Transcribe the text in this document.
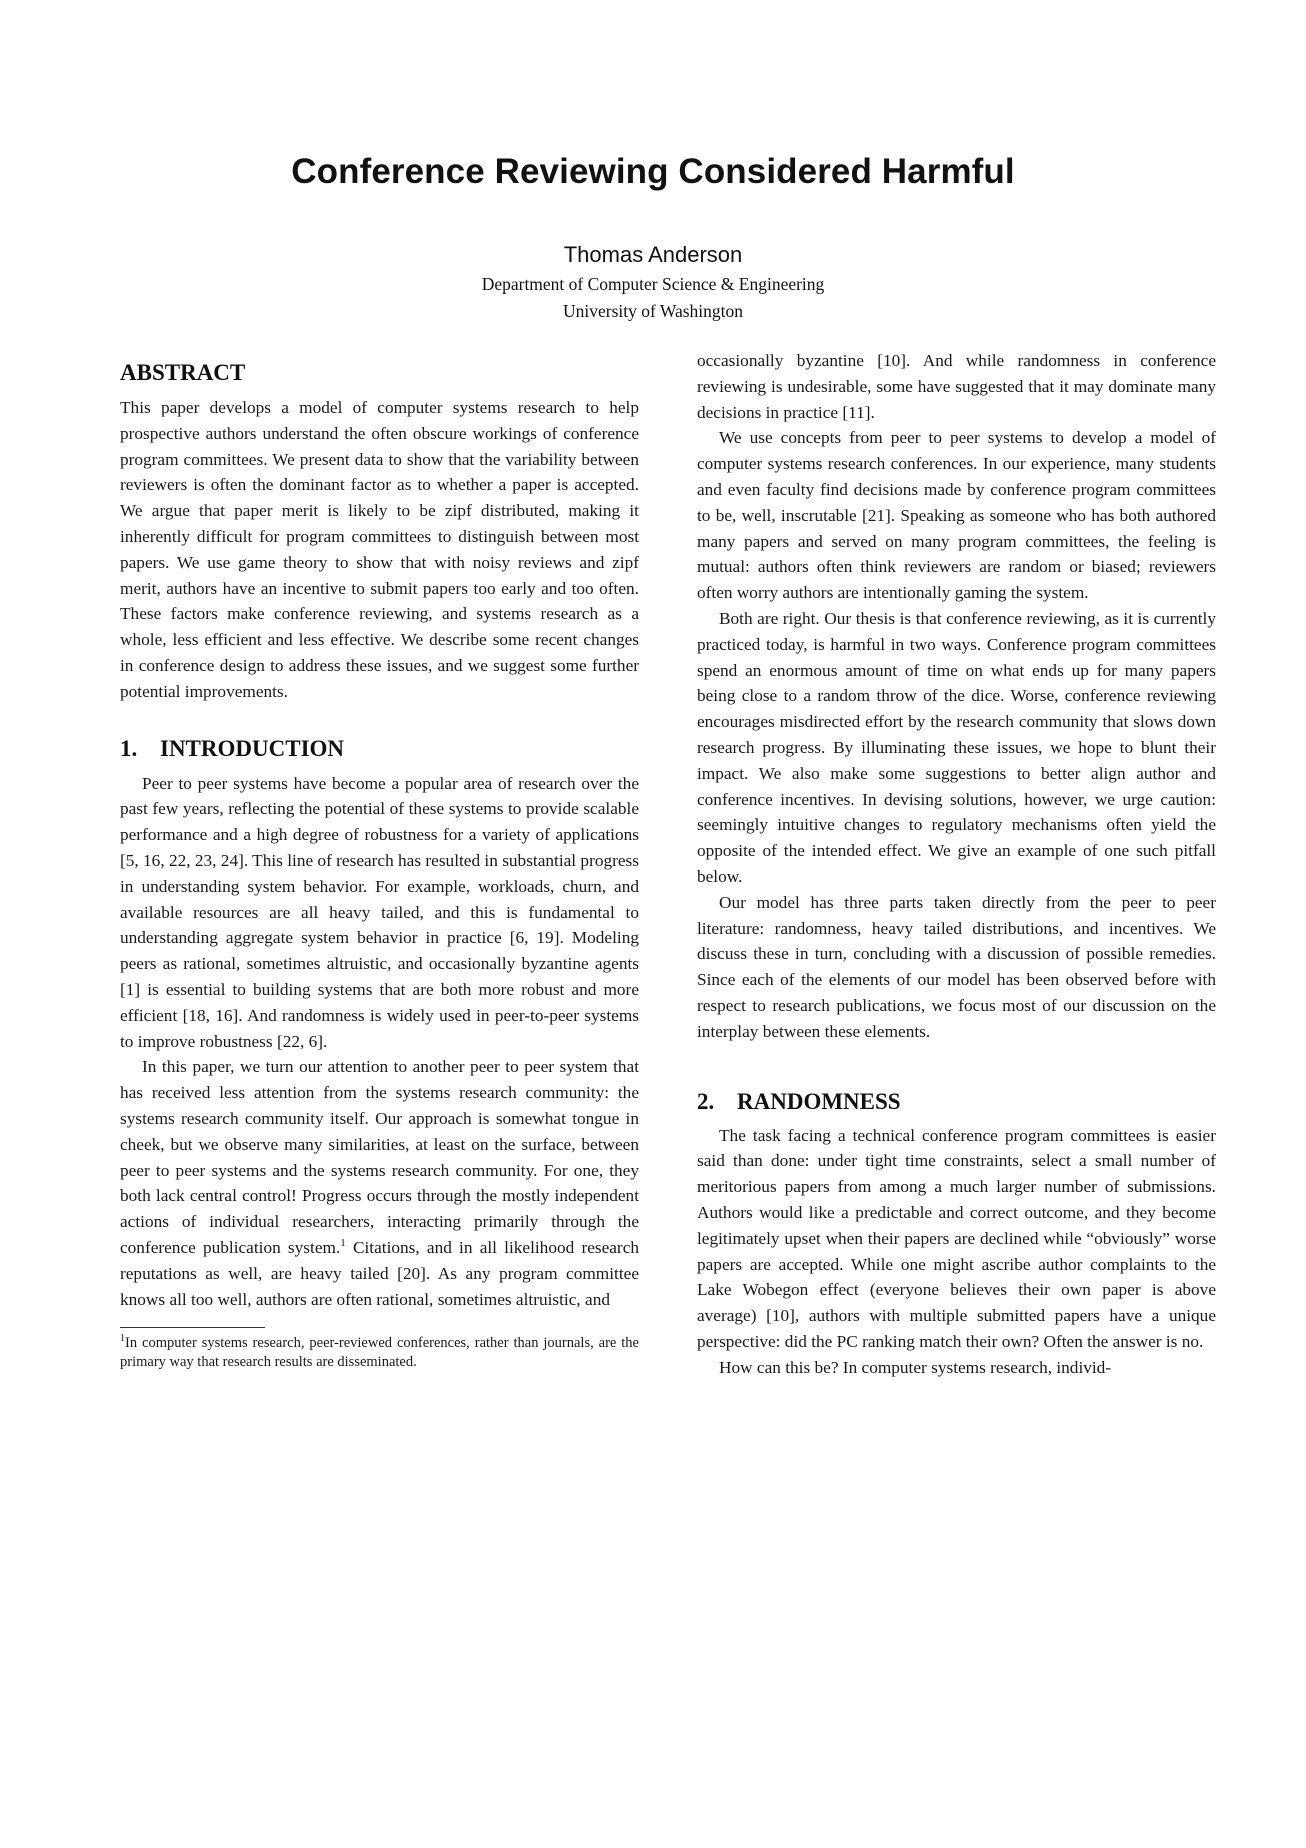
Conference Reviewing Considered Harmful
Thomas Anderson
Department of Computer Science & Engineering
University of Washington
ABSTRACT

This paper develops a model of computer systems research to help prospective authors understand the often obscure workings of conference program committees. We present data to show that the variability between reviewers is often the dominant factor as to whether a paper is accepted. We argue that paper merit is likely to be zipf distributed, making it inherently difficult for program committees to distinguish between most papers. We use game theory to show that with noisy reviews and zipf merit, authors have an incentive to submit papers too early and too often. These factors make conference reviewing, and systems research as a whole, less efficient and less effective. We describe some recent changes in conference design to address these issues, and we suggest some further potential improvements.

1. INTRODUCTION

Peer to peer systems have become a popular area of research over the past few years, reflecting the potential of these systems to provide scalable performance and a high degree of robustness for a variety of applications [5, 16, 22, 23, 24]. This line of research has resulted in substantial progress in understanding system behavior. For example, workloads, churn, and available resources are all heavy tailed, and this is fundamental to understanding aggregate system behavior in practice [6, 19]. Modeling peers as rational, sometimes altruistic, and occasionally byzantine agents [1] is essential to building systems that are both more robust and more efficient [18, 16]. And randomness is widely used in peer-to-peer systems to improve robustness [22, 6].

In this paper, we turn our attention to another peer to peer system that has received less attention from the systems research community: the systems research community itself. Our approach is somewhat tongue in cheek, but we observe many similarities, at least on the surface, between peer to peer systems and the systems research community. For one, they both lack central control! Progress occurs through the mostly independent actions of individual researchers, interacting primarily through the conference publication system.$^1$ Citations, and in all likelihood research reputations as well, are heavy tailed [20]. As any program committee knows all too well, authors are often rational, sometimes altruistic, and

$^1$In computer systems research, peer-reviewed conferences, rather than journals, are the primary way that research results are disseminated.

occasionally byzantine [10]. And while randomness in conference reviewing is undesirable, some have suggested that it may dominate many decisions in practice [11].

We use concepts from peer to peer systems to develop a model of computer systems research conferences. In our experience, many students and even faculty find decisions made by conference program committees to be, well, inscrutable [21]. Speaking as someone who has both authored many papers and served on many program committees, the feeling is mutual: authors often think reviewers are random or biased; reviewers often worry authors are intentionally gaming the system.

Both are right. Our thesis is that conference reviewing, as it is currently practiced today, is harmful in two ways. Conference program committees spend an enormous amount of time on what ends up for many papers being close to a random throw of the dice. Worse, conference reviewing encourages misdirected effort by the research community that slows down research progress. By illuminating these issues, we hope to blunt their impact. We also make some suggestions to better align author and conference incentives. In devising solutions, however, we urge caution: seemingly intuitive changes to regulatory mechanisms often yield the opposite of the intended effect. We give an example of one such pitfall below.

Our model has three parts taken directly from the peer to peer literature: randomness, heavy tailed distributions, and incentives. We discuss these in turn, concluding with a discussion of possible remedies. Since each of the elements of our model has been observed before with respect to research publications, we focus most of our discussion on the interplay between these elements.

2. RANDOMNESS

The task facing a technical conference program committees is easier said than done: under tight time constraints, select a small number of meritorious papers from among a much larger number of submissions. Authors would like a predictable and correct outcome, and they become legitimately upset when their papers are declined while “obviously” worse papers are accepted. While one might ascribe author complaints to the Lake Wobegon effect (everyone believes their own paper is above average) [10], authors with multiple submitted papers have a unique perspective: did the PC ranking match their own? Often the answer is no.

How can this be? In computer systems research, individ-
